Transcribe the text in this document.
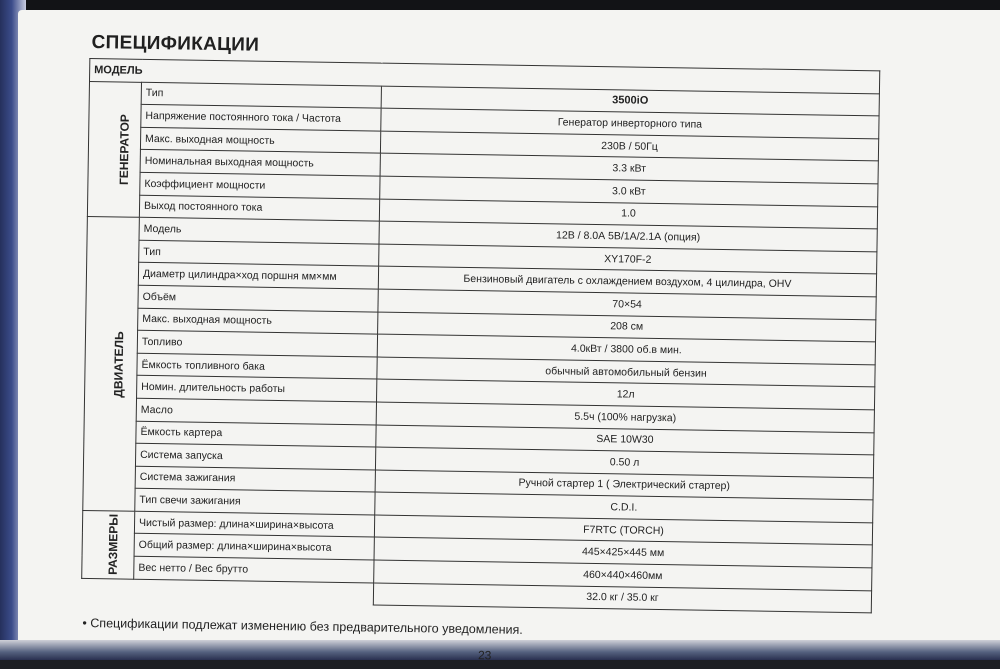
СПЕЦИФИКАЦИИ
МОДЕЛЬ		
ГЕНЕРАТОР	Тип	3500iO
	Напряжение постоянного тока / Частота	Генератор инверторного типа
	Макс. выходная мощность	230В / 50Гц
	Номинальная выходная мощность	3.3 кВт
	Коэффициент мощности	3.0 кВт
	Выход постоянного тока	1.0
ДВИАТЕЛЬ	Модель	12В / 8.0А 5В/1А/2.1А (опция)
	Тип	XY170F-2
	Диаметр цилиндра×ход поршня мм×мм	Бензиновый двигатель с охлаждением воздухом, 4 цилиндра, OHV
	Объём	70×54
	Макс. выходная мощность	208 см
	Топливо	4.0кВт / 3800 об.в мин.
	Ёмкость топливного бака	обычный автомобильный бензин
	Номин. длительность работы	12л
	Масло	5.5ч (100% нагрузка)
	Ёмкость картера	SAE 10W30
	Система запуска	0.50 л
	Система зажигания	Ручной стартер 1 ( Электрический стартер)
	Тип свечи зажигания	C.D.I.
РАЗМЕРЫ	Чистый размер: длина×ширина×высота	F7RTC (TORCH)
	Общий размер: длина×ширина×высота	445×425×445 мм
	Вес нетто / Вес брутто	460×440×460мм
		32.0 кг / 35.0 кг
• Спецификации подлежат изменению без предварительного уведомления.
23
